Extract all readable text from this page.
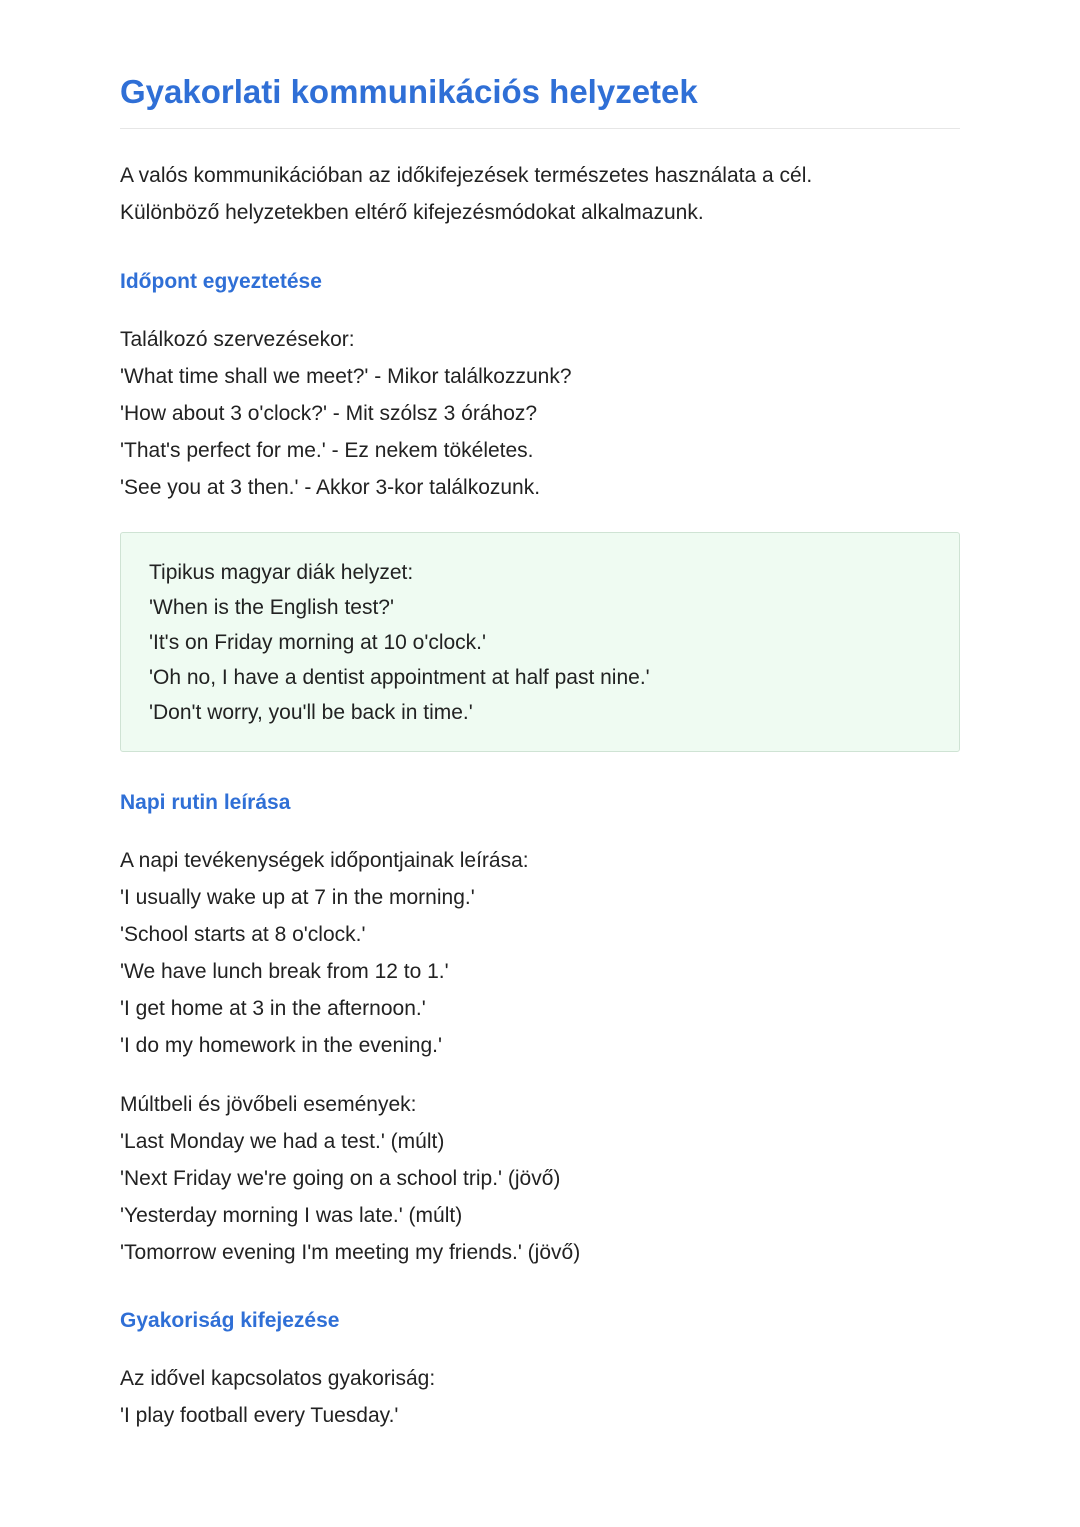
Gyakorlati kommunikációs helyzetek

A valós kommunikációban az időkifejezések természetes használata a cél.
Különböző helyzetekben eltérő kifejezésmódokat alkalmazunk.

Időpont egyeztetése

Találkozó szervezésekor:
'What time shall we meet?' - Mikor találkozzunk?
'How about 3 o'clock?' - Mit szólsz 3 órához?
'That's perfect for me.' - Ez nekem tökéletes.
'See you at 3 then.' - Akkor 3-kor találkozunk.

Tipikus magyar diák helyzet:
'When is the English test?'
'It's on Friday morning at 10 o'clock.'
'Oh no, I have a dentist appointment at half past nine.'
'Don't worry, you'll be back in time.'

Napi rutin leírása

A napi tevékenységek időpontjainak leírása:
'I usually wake up at 7 in the morning.'
'School starts at 8 o'clock.'
'We have lunch break from 12 to 1.'
'I get home at 3 in the afternoon.'
'I do my homework in the evening.'

Múltbeli és jövőbeli események:
'Last Monday we had a test.' (múlt)
'Next Friday we're going on a school trip.' (jövő)
'Yesterday morning I was late.' (múlt)
'Tomorrow evening I'm meeting my friends.' (jövő)

Gyakoriság kifejezése

Az idővel kapcsolatos gyakoriság:
'I play football every Tuesday.'
